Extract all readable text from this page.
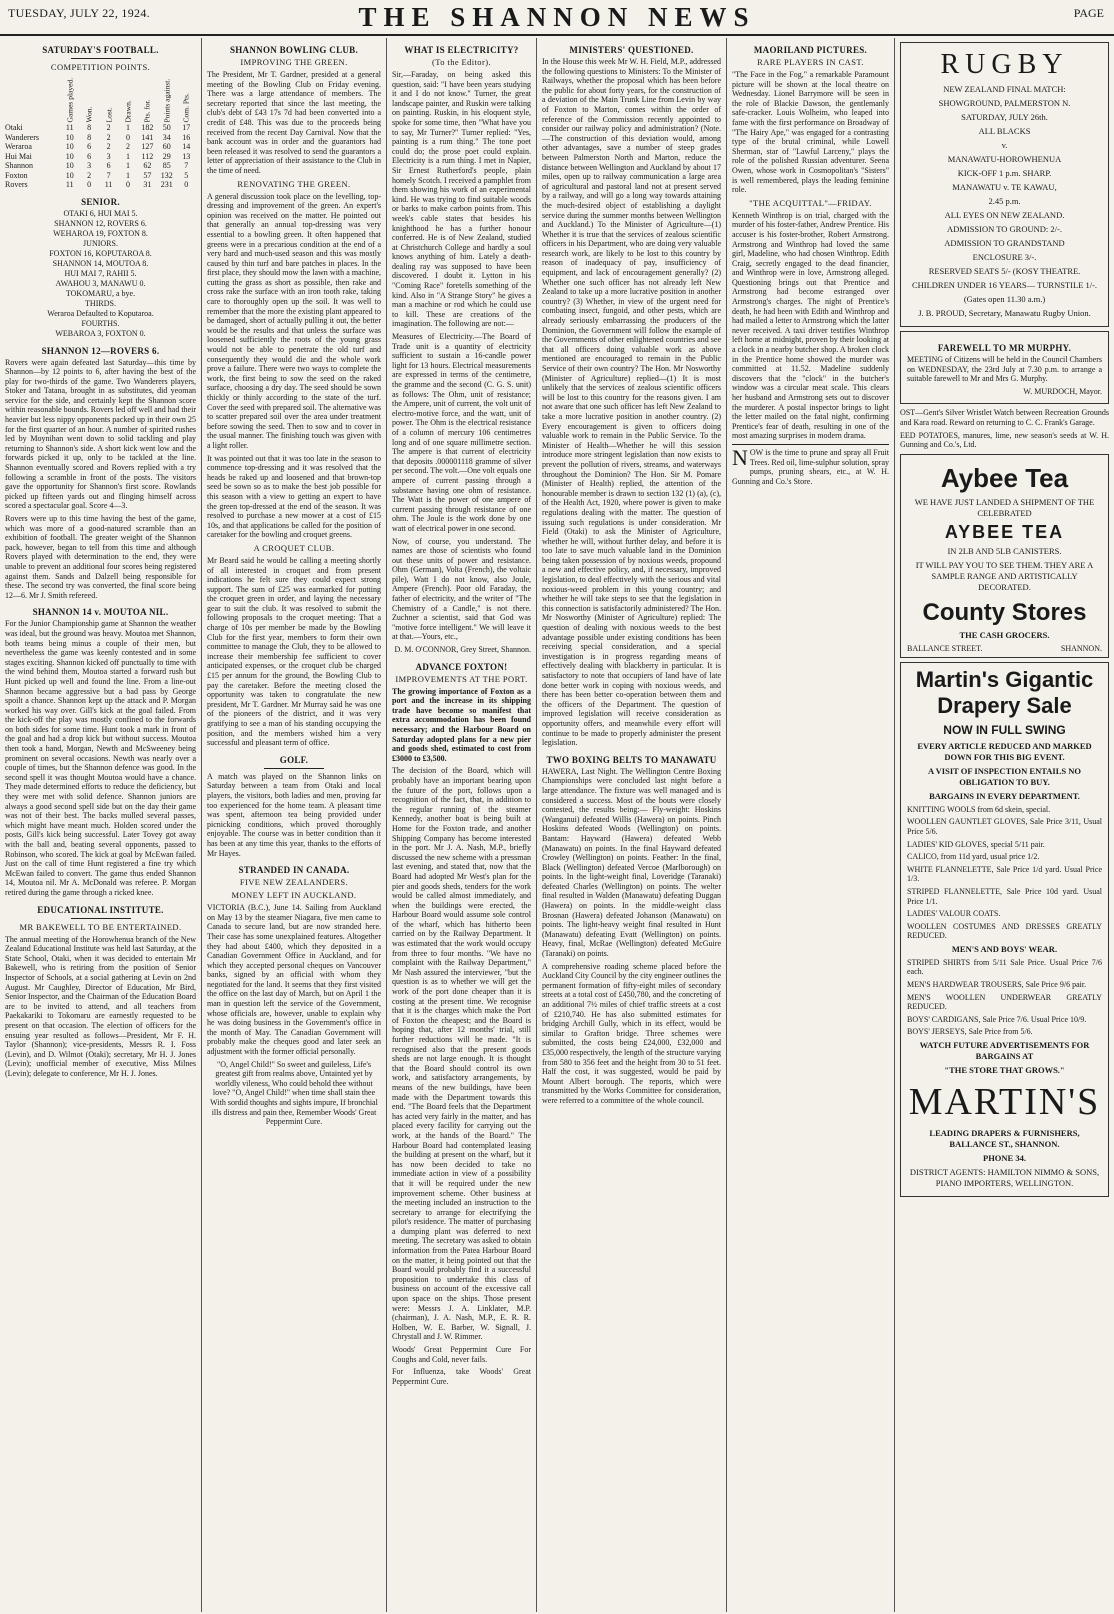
TUESDAY, JULY 22, 1924.	THE SHANNON NEWS	PAGE
SATURDAY'S FOOTBALL.
COMPETITION POINTS.
	Games played.	Won.	Lost.	Drawn.	Pts. for.	Points against.	Com. Pts.
Otaki	11	8	2	1	182	50	17
Wanderers	10	8	2	0	141	34	16
Weraroa	10	6	2	2	127	60	14
Hui Mai	10	6	3	1	112	29	13
Shannon	10	3	6	1	62	85	7
Foxton	10	2	7	1	57	132	5
Rovers	11	0	11	0	31	231	0
SENIOR.
OTAKI 6, HUI MAI 5.
SHANNON 12, ROVERS 6.
WEHAROA 19, FOXTON 8.
JUNIORS.
FOXTON 16, KOPUTAROA 8.
SHANNON 14, MOUTOA 8.
HUI MAI 7, RAHII 5.
AWAHOU 3, MANAWU 0.
TOKOMARU, a bye.
THIRDS.
Weraroa Defaulted to Koputaroa.
FOURTHS.
WEBAROA 3, FOXTON 0.
SHANNON 12—ROVERS 6.

Rovers were again defeated last Saturday—this time by Shannon—by 12 points to 6, after having the best of the play for two-thirds of the game. Two Wanderers players, Stoker and Tatana, brought in as substitutes, did yeoman service for the side, and certainly kept the Shannon score within reasonable bounds. Rovers led off well and had their heavier but less nippy opponents packed up in their own 25 for the first quarter of an hour. A number of spirited rushes led by Moynihan went down to solid tackling and play returning to Shannon's side. A short kick went low and the forwards picked it up, only to be tackled at the line. Shannon eventually scored and Rovers replied with a try following a scramble in front of the posts. The visitors gave the opportunity for Shannon's first score. Rowlands picked up fifteen yards out and flinging himself across scored a spectacular goal. Score 4—3.

Rovers were up to this time having the best of the game, which was more of a good-natured scramble than an exhibition of football. The greater weight of the Shannon pack, however, began to tell from this time and although Rovers played with determination to the end, they were unable to prevent an additional four scores being registered against them. Sands and Dalzell being responsible for these. The second try was converted, the final score being 12—6. Mr J. Smith refereed.

SHANNON 14 v. MOUTOA NIL.

For the Junior Championship game at Shannon the weather was ideal, but the ground was heavy. Moutoa met Shannon, both teams being minus a couple of their men, but nevertheless the game was keenly contested and in some stages exciting. Shannon kicked off punctually to time with the wind behind them, Moutoa started a forward rush but Hunt picked up well and found the line. From a line-out Shannon became aggressive but a bad pass by George spoilt a chance. Shannon kept up the attack and P. Morgan worked his way over. Gill's kick at the goal failed. From the kick-off the play was mostly confined to the forwards on both sides for some time. Hunt took a mark in front of the goal and had a drop kick but without success. Moutoa then took a hand, Morgan, Newth and McSweeney being prominent on several occasions. Newth was nearly over a couple of times, but the Shannon defence was good. In the second spell it was thought Moutoa would have a chance. They made determined efforts to reduce the deficiency, but they were met with solid defence. Shannon juniors are always a good second spell side but on the day their game was not of their best. The backs mulled several passes, which might have meant much. Holden scored under the posts, Gill's kick being successful. Later Tovey got away with the ball and, beating several opponents, passed to Robinson, who scored. The kick at goal by McEwan failed. Just on the call of time Hunt registered a fine try which McEwan failed to convert. The game thus ended Shannon 14, Moutoa nil. Mr A. McDonald was referee. P. Morgan retired during the game through a ricked knee.

EDUCATIONAL INSTITUTE.
MR BAKEWELL TO BE ENTERTAINED.

The annual meeting of the Horowhenua branch of the New Zealand Educational Institute was held last Saturday, at the State School, Otaki, when it was decided to entertain Mr Bakewell, who is retiring from the position of Senior Inspector of Schools, at a social gathering at Levin on 2nd August. Mr Caughley, Director of Education, Mr Bird, Senior Inspector, and the Chairman of the Education Board are to be invited to attend, and all teachers from Paekakariki to Tokomaru are earnestly requested to be present on that occasion. The election of officers for the ensuing year resulted as follows—President, Mr F. H. Taylor (Shannon); vice-presidents, Messrs R. I. Foss (Levin), and D. Wilmot (Otaki); secretary, Mr H. J. Jones (Levin); unofficial member of executive, Miss Milnes (Levin); delegate to conference, Mr H. J. Jones.

SHANNON BOWLING CLUB.
IMPROVING THE GREEN.

The President, Mr T. Gardner, presided at a general meeting of the Bowling Club on Friday evening. There was a large attendance of members. The secretary reported that since the last meeting, the club's debt of £43 17s 7d had been converted into a credit of £48. This was due to the proceeds being received from the recent Day Carnival. Now that the bank account was in order and the guarantors had been released it was resolved to send the guarantors a letter of appreciation of their assistance to the Club in the time of need.

RENOVATING THE GREEN.

A general discussion took place on the levelling, top-dressing and improvement of the green. An expert's opinion was received on the matter. He pointed out that generally an annual top-dressing was very essential to a bowling green. It often happened that greens were in a precarious condition at the end of a very hard and much-used season and this was mostly caused by thin turf and bare patches in places. In the first place, they should mow the lawn with a machine, cutting the grass as short as possible, then rake and cross rake the surface with an iron tooth rake, taking care to thoroughly open up the soil. It was well to remember that the more the existing plant appeared to be damaged, short of actually pulling it out, the better would be the results and that unless the surface was loosened sufficiently the roots of the young grass would not be able to penetrate the old turf and consequently they would die and the whole work prove a failure. There were two ways to complete the work, the first being to sow the seed on the raked surface, choosing a dry day. The seed should be sown thickly or thinly according to the state of the turf. Cover the seed with prepared soil. The alternative was to scatter prepared soil over the area under treatment before sowing the seed. Then to sow and to cover in the usual manner. The finishing touch was given with a light roller.

It was pointed out that it was too late in the season to commence top-dressing and it was resolved that the heads be raked up and loosened and that brown-top seed be sown so as to make the best job possible for this season with a view to getting an expert to have the green top-dressed at the end of the season. It was resolved to purchase a new mower at a cost of £15 10s, and that applications be called for the position of caretaker for the bowling and croquet greens.

A CROQUET CLUB.

Mr Beard said he would be calling a meeting shortly of all interested in croquet and from present indications he felt sure they could expect strong support. The sum of £25 was earmarked for putting the croquet green in order, and laying the necessary gear to suit the club. It was resolved to submit the following proposals to the croquet meeting: That a charge of 10s per member be made by the Bowling Club for the first year, members to form their own committee to manage the Club, they to be allowed to increase their membership fee sufficient to cover anticipated expenses, or the croquet club be charged £15 per annum for the ground, the Bowling Club to pay the caretaker. Before the meeting closed the opportunity was taken to congratulate the new president, Mr T. Gardner. Mr Murray said he was one of the pioneers of the district, and it was very gratifying to see a man of his standing occupying the position, and the members wished him a very successful and pleasant term of office.

GOLF.

A match was played on the Shannon links on Saturday between a team from Otaki and local players, the visitors, both ladies and men, proving far too experienced for the home team. A pleasant time was spent, afternoon tea being provided under picnicking conditions, which proved thoroughly enjoyable. The course was in better condition than it has been at any time this year, thanks to the efforts of Mr Hayes.

STRANDED IN CANADA.
FIVE NEW ZEALANDERS.
MONEY LEFT IN AUCKLAND.

VICTORIA (B.C.), June 14. Sailing from Auckland on May 13 by the steamer Niagara, five men came to Canada to secure land, but are now stranded here. Their case has some unexplained features. Altogether they had about £400, which they deposited in a Canadian Government Office in Auckland, and for which they accepted personal cheques on Vancouver banks, signed by an official with whom they negotiated for the land. It seems that they first visited the office on the last day of March, but on April 1 the man in question left the service of the Government, whose officials are, however, unable to explain why he was doing business in the Government's office in the month of May. The Canadian Government will probably make the cheques good and later seek an adjustment with the former official personally.

"O, Angel Child!" So sweet and guileless, Life's greatest gift from realms above, Untainted yet by worldly vileness, Who could behold thee without love? "O, Angel Child!" when time shall stain thee With sordid thoughts and sights impure, If bronchial ills distress and pain thee, Remember Woods' Great Peppermint Cure.

WHAT IS ELECTRICITY?
(To the Editor).

Sir,—Faraday, on being asked this question, said: "I have been years studying it and I do not know." Turner, the great landscape painter, and Ruskin were talking on painting. Ruskin, in his eloquent style, spoke for some time, then "What have you to say, Mr Turner?" Turner replied: "Yes, painting is a rum thing." The tone poet could do; the prose poet could explain. Electricity is a rum thing. I met in Napier, Sir Ernest Rutherford's people, plain homely Scotch. I received a pamphlet from them showing his work of an experimental kind. He was trying to find suitable woods or barks to make carbon points from. This week's cable states that besides his knighthood he has a further honour conferred. He is of New Zealand, studied at Christchurch College and hardly a soul knows anything of him. Lately a death-dealing ray was supposed to have been discovered. I doubt it. Lytton in his "Coming Race" foretells something of the kind. Also in "A Strange Story" he gives a man a machine or rod which he could use to kill. These are creations of the imagination. The following are not:—

Measures of Electricity.—The Board of Trade unit is a quantity of electricity sufficient to sustain a 16-candle power light for 13 hours. Electrical measurements are expressed in terms of the centimetre, the gramme and the second (C. G. S. unit) as follows: The Ohm, unit of resistance; the Ampere, unit of current, the volt unit of electro-motive force, and the watt, unit of power. The Ohm is the electrical resistance of a column of mercury 106 centimetres long and of one square millimetre section. The ampere is that current of electricity that deposits .000001118 gramme of silver per second. The volt.—One volt equals one ampere of current passing through a substance having one ohm of resistance. The Watt is the power of one ampere of current passing through resistance of one ohm. The Joule is the work done by one watt of electrical power in one second.

Now, of course, you understand. The names are those of scientists who found out these units of power and resistance. Ohm (German), Volta (French), the voltaic pile), Watt I do not know, also Joule, Ampere (French). Poor old Faraday, the father of electricity, and the writer of "The Chemistry of a Candle," is not there. Zuchner a scientist, said that God was "motive force intelligent." We will leave it at that.—Yours, etc.,

D. M. O'CONNOR, Grey Street, Shannon.

ADVANCE FOXTON!
IMPROVEMENTS AT THE PORT.

The growing importance of Foxton as a port and the increase in its shipping trade have become so manifest that extra accommodation has been found necessary; and the Harbour Board on Saturday adopted plans for a new pier and goods shed, estimated to cost from £3000 to £3,500.

The decision of the Board, which will probably have an important bearing upon the future of the port, follows upon a recognition of the fact, that, in addition to the regular running of the steamer Kennedy, another boat is being built at Home for the Foxton trade, and another Shipping Company has become interested in the port. Mr J. A. Nash, M.P., briefly discussed the new scheme with a pressman last evening, and stated that, now that the Board had adopted Mr West's plan for the pier and goods sheds, tenders for the work would be called almost immediately, and when the buildings were erected, the Harbour Board would assume sole control of the wharf, which has hitherto been carried on by the Railway Department. It was estimated that the work would occupy from three to four months. "We have no complaint with the Railway Department," Mr Nash assured the interviewer, "but the question is as to whether we will get the work of the port done cheaper than it is costing at the present time. We recognise that it is the charges which make the Port of Foxton the cheapest; and the Board is hoping that, after 12 months' trial, still further reductions will be made. "It is recognised also that the present goods sheds are not large enough. It is thought that the Board should control its own work, and satisfactory arrangements, by means of the new buildings, have been made with the Department towards this end. "The Board feels that the Department has acted very fairly in the matter, and has placed every facility for carrying out the work, at the hands of the Board." The Harbour Board had contemplated leasing the building at present on the wharf, but it has now been decided to take no immediate action in view of a possibility that it will be required under the new improvement scheme. Other business at the meeting included an instruction to the secretary to arrange for electrifying the pilot's residence. The matter of purchasing a dumping plant was deferred to next meeting. The secretary was asked to obtain information from the Patea Harbour Board on the matter, it being pointed out that the Board would probably find it a successful proposition to undertake this class of business on account of the excessive call upon space on the ships. Those present were: Messrs J. A. Linklater, M.P. (chairman), J. A. Nash, M.P., E. R. R. Holben, W. E. Barber, W. Signall, J. Chrystall and J. W. Rimmer.

Woods' Great Peppermint Cure For Coughs and Cold, never fails.

For Influenza, take Woods' Great Peppermint Cure.

MINISTERS' QUESTIONED.

In the House this week Mr W. H. Field, M.P., addressed the following questions to Ministers: To the Minister of Railways, whether the proposal which has been before the public for about forty years, for the construction of a deviation of the Main Trunk Line from Levin by way of Foxton to Marton, comes within the order of reference of the Commission recently appointed to consider our railway policy and administration? (Note.—The construction of this deviation would, among other advantages, save a number of steep grades between Palmerston North and Marton, reduce the distance between Wellington and Auckland by about 17 miles, open up to railway communication a large area of agricultural and pastoral land not at present served by a railway, and will go a long way towards attaining the much-desired object of establishing a daylight service during the summer months between Wellington and Auckland.) To the Minister of Agriculture—(1) Whether it is true that the services of zealous scientific officers in his Department, who are doing very valuable research work, are likely to be lost to this country by reason of inadequacy of pay, insufficiency of equipment, and lack of encouragement generally? (2) Whether one such officer has not already left New Zealand to take up a more lucrative position in another country? (3) Whether, in view of the urgent need for combating insect, fungoid, and other pests, which are already seriously embarrassing the producers of the Dominion, the Government will follow the example of the Governments of other enlightened countries and see that all officers doing valuable work as above mentioned are encouraged to remain in the Public Service of their own country? The Hon. Mr Nosworthy (Minister of Agriculture) replied—(1) It is most unlikely that the services of zealous scientific officers will be lost to this country for the reasons given. I am not aware that one such officer has left New Zealand to take a more lucrative position in another country. (2) Every encouragement is given to officers doing valuable work to remain in the Public Service. To the Minister of Health—Whether he will this session introduce more stringent legislation than now exists to prevent the pollution of rivers, streams, and waterways throughout the Dominion? The Hon. Sir M. Pomare (Minister of Health) replied, the attention of the honourable member is drawn to section 132 (1) (a), (c), of the Health Act, 1920, where power is given to make regulations dealing with the matter. The question of issuing such regulations is under consideration. Mr Field (Otaki) to ask the Minister of Agriculture, whether he will, without further delay, and before it is too late to save much valuable land in the Dominion being taken possession of by noxious weeds, propound a new and effective policy, and, if necessary, improved legislation, to deal effectively with the serious and vital noxious-weed problem in this young country; and whether he will take steps to see that the legislation in this connection is satisfactorily administered? The Hon. Mr Nosworthy (Minister of Agriculture) replied: The question of dealing with noxious weeds to the best advantage possible under existing conditions has been receiving special consideration, and a special investigation is in progress regarding means of effectively dealing with blackberry in particular. It is satisfactory to note that occupiers of land have of late done better work in coping with noxious weeds, and there has been better co-operation between them and the officers of the Department. The question of improved legislation will receive consideration as opportunity offers, and meanwhile every effort will continue to be made to properly administer the present legislation.

TWO BOXING BELTS TO MANAWATU

HAWERA, Last Night. The Wellington Centre Boxing Championships were concluded last night before a large attendance. The fixture was well managed and is considered a success. Most of the bouts were closely contested, the results being:— Fly-weight: Hoskins (Wanganui) defeated Willis (Hawera) on points. Pinch Hoskins defeated Woods (Wellington) on points. Bantam: Hayward (Hawera) defeated Webb (Manawatu) on points. In the final Hayward defeated Crowley (Wellington) on points. Feather: In the final, Black (Wellington) defeated Vercoe (Marlborough) on points. In the light-weight final, Loveridge (Taranaki) defeated Charles (Wellington) on points. The welter final resulted in Walden (Manawatu) defeating Duggan (Hawera) on points. In the middle-weight class Brosnan (Hawera) defeated Johanson (Manawatu) on points. The light-heavy weight final resulted in Hunt (Manawatu) defeating Evatt (Wellington) on points. Heavy, final, McRae (Wellington) defeated McGuire (Taranaki) on points.

A comprehensive roading scheme placed before the Auckland City Council by the city engineer outlines the permanent formation of fifty-eight miles of secondary streets at a total cost of £450,780, and the concreting of an additional 7½ miles of chief traffic streets at a cost of £210,740. He has also submitted estimates for bridging Archill Gully, which in its effect, would be similar to Grafton bridge. Three schemes were submitted, the costs being £24,000, £32,000 and £35,000 respectively, the length of the structure varying from 580 to 356 feet and the height from 30 to 51 feet. Half the cost, it was suggested, would be paid by Mount Albert borough. The reports, which were transmitted by the Works Committee for consideration, were referred to a committee of the whole council.

MAORILAND PICTURES.
RARE PLAYERS IN CAST.

"The Face in the Fog," a remarkable Paramount picture will be shown at the local theatre on Wednesday. Lionel Barrymore will be seen in the role of Blackie Dawson, the gentlemanly safe-cracker. Louis Wolheim, who leaped into fame with the first performance on Broadway of "The Hairy Ape," was engaged for a contrasting type of the brutal criminal, while Lowell Sherman, star of "Lawful Larceny," plays the role of the polished Russian adventurer. Seena Owen, whose work in Cosmopolitan's "Sisters" is well remembered, plays the leading feminine role.

"THE ACQUITTAL"—FRIDAY.

Kenneth Winthrop is on trial, charged with the murder of his foster-father, Andrew Prentice. His accuser is his foster-brother, Robert Armstrong. Armstrong and Winthrop had loved the same girl, Madeline, who had chosen Winthrop. Edith Craig, secretly engaged to the dead financier, and Winthrop were in love, Armstrong alleged. Questioning brings out that Prentice and Armstrong had become estranged over Armstrong's charges. The night of Prentice's death, he had been with Edith and Winthrop and had mailed a letter to Armstrong which the latter never received. A taxi driver testifies Winthrop left home at midnight, proven by their looking at a clock in a nearby butcher shop. A broken clock in the Prentice home showed the murder was committed at 11.52. Madeline suddenly discovers that the "clock" in the butcher's window was a circular meat scale. This clears her husband and Armstrong sets out to discover the murderer. A postal inspector brings to light the letter mailed on the fatal night, confirming Prentice's fear of death, resulting in one of the most amazing surprises in modern drama.

NOW is the time to prune and spray all Fruit Trees. Red oil, lime-sulphur solution, spray pumps, pruning shears, etc., at W. H. Gunning and Co.'s Store.

RUGBY
NEW ZEALAND FINAL MATCH:
SHOWGROUND, PALMERSTON N.
SATURDAY, JULY 26th.
ALL BLACKS
v.
MANAWATU-HOROWHENUA
KICK-OFF 1 p.m. SHARP.
MANAWATU v. TE KAWAU,
2.45 p.m.
ALL EYES ON NEW ZEALAND.
ADMISSION TO GROUND: 2/-.
ADMISSION TO GRANDSTAND
ENCLOSURE 3/-.
RESERVED SEATS 5/- (KOSY THEATRE.
CHILDREN UNDER 16 YEARS— TURNSTILE 1/-.
(Gates open 11.30 a.m.)
J. B. PROUD, Secretary, Manawatu Rugby Union.
FAREWELL TO MR MURPHY.

MEETING of Citizens will be held in the Council Chambers on WEDNESDAY, the 23rd July at 7.30 p.m. to arrange a suitable farewell to Mr and Mrs G. Murphy.

W. MURDOCH, Mayor.

OST—Gent's Silver Wristlet Watch between Recreation Grounds and Kara road. Reward on returning to C. C. Frank's Garage.

EED POTATOES, manures, lime, new season's seeds at W. H. Gunning and Co.'s, Ltd.

Aybee Tea
WE HAVE JUST LANDED A SHIPMENT OF THE CELEBRATED
AYBEE TEA
IN 2LB AND 5LB CANISTERS.
IT WILL PAY YOU TO SEE THEM. THEY ARE A SAMPLE RANGE AND ARTISTICALLY DECORATED.
County Stores
THE CASH GROCERS.
BALLANCE STREET.	SHANNON.
Martin's Gigantic Drapery Sale
NOW IN FULL SWING
EVERY ARTICLE REDUCED AND MARKED DOWN FOR THIS BIG EVENT.
A VISIT OF INSPECTION ENTAILS NO OBLIGATION TO BUY.
BARGAINS IN EVERY DEPARTMENT.
KNITTING WOOLS from 6d skein, special.
WOOLLEN GAUNTLET GLOVES, Sale Price 3/11, Usual Price 5/6.
LADIES' KID GLOVES, special 5/11 pair.
CALICO, from 11d yard, usual price 1/2.
WHITE FLANNELETTE, Sale Price 1/d yard. Usual Price 1/3.
STRIPED FLANNELETTE, Sale Price 10d yard. Usual Price 1/1.
LADIES' VALOUR COATS.
WOOLLEN COSTUMES AND DRESSES GREATLY REDUCED.
MEN'S AND BOYS' WEAR.
STRIPED SHIRTS from 5/11 Sale Price. Usual Price 7/6 each.
MEN'S HARDWEAR TROUSERS, Sale Price 9/6 pair.
MEN'S WOOLLEN UNDERWEAR GREATLY REDUCED.
BOYS' CARDIGANS, Sale Price 7/6. Usual Price 10/9.
BOYS' JERSEYS, Sale Price from 5/6.
WATCH FUTURE ADVERTISEMENTS FOR BARGAINS AT
"THE STORE THAT GROWS."
MARTIN'S
LEADING DRAPERS & FURNISHERS, BALLANCE ST., SHANNON.
PHONE 34.
DISTRICT AGENTS: HAMILTON NIMMO & SONS, PIANO IMPORTERS, WELLINGTON.
